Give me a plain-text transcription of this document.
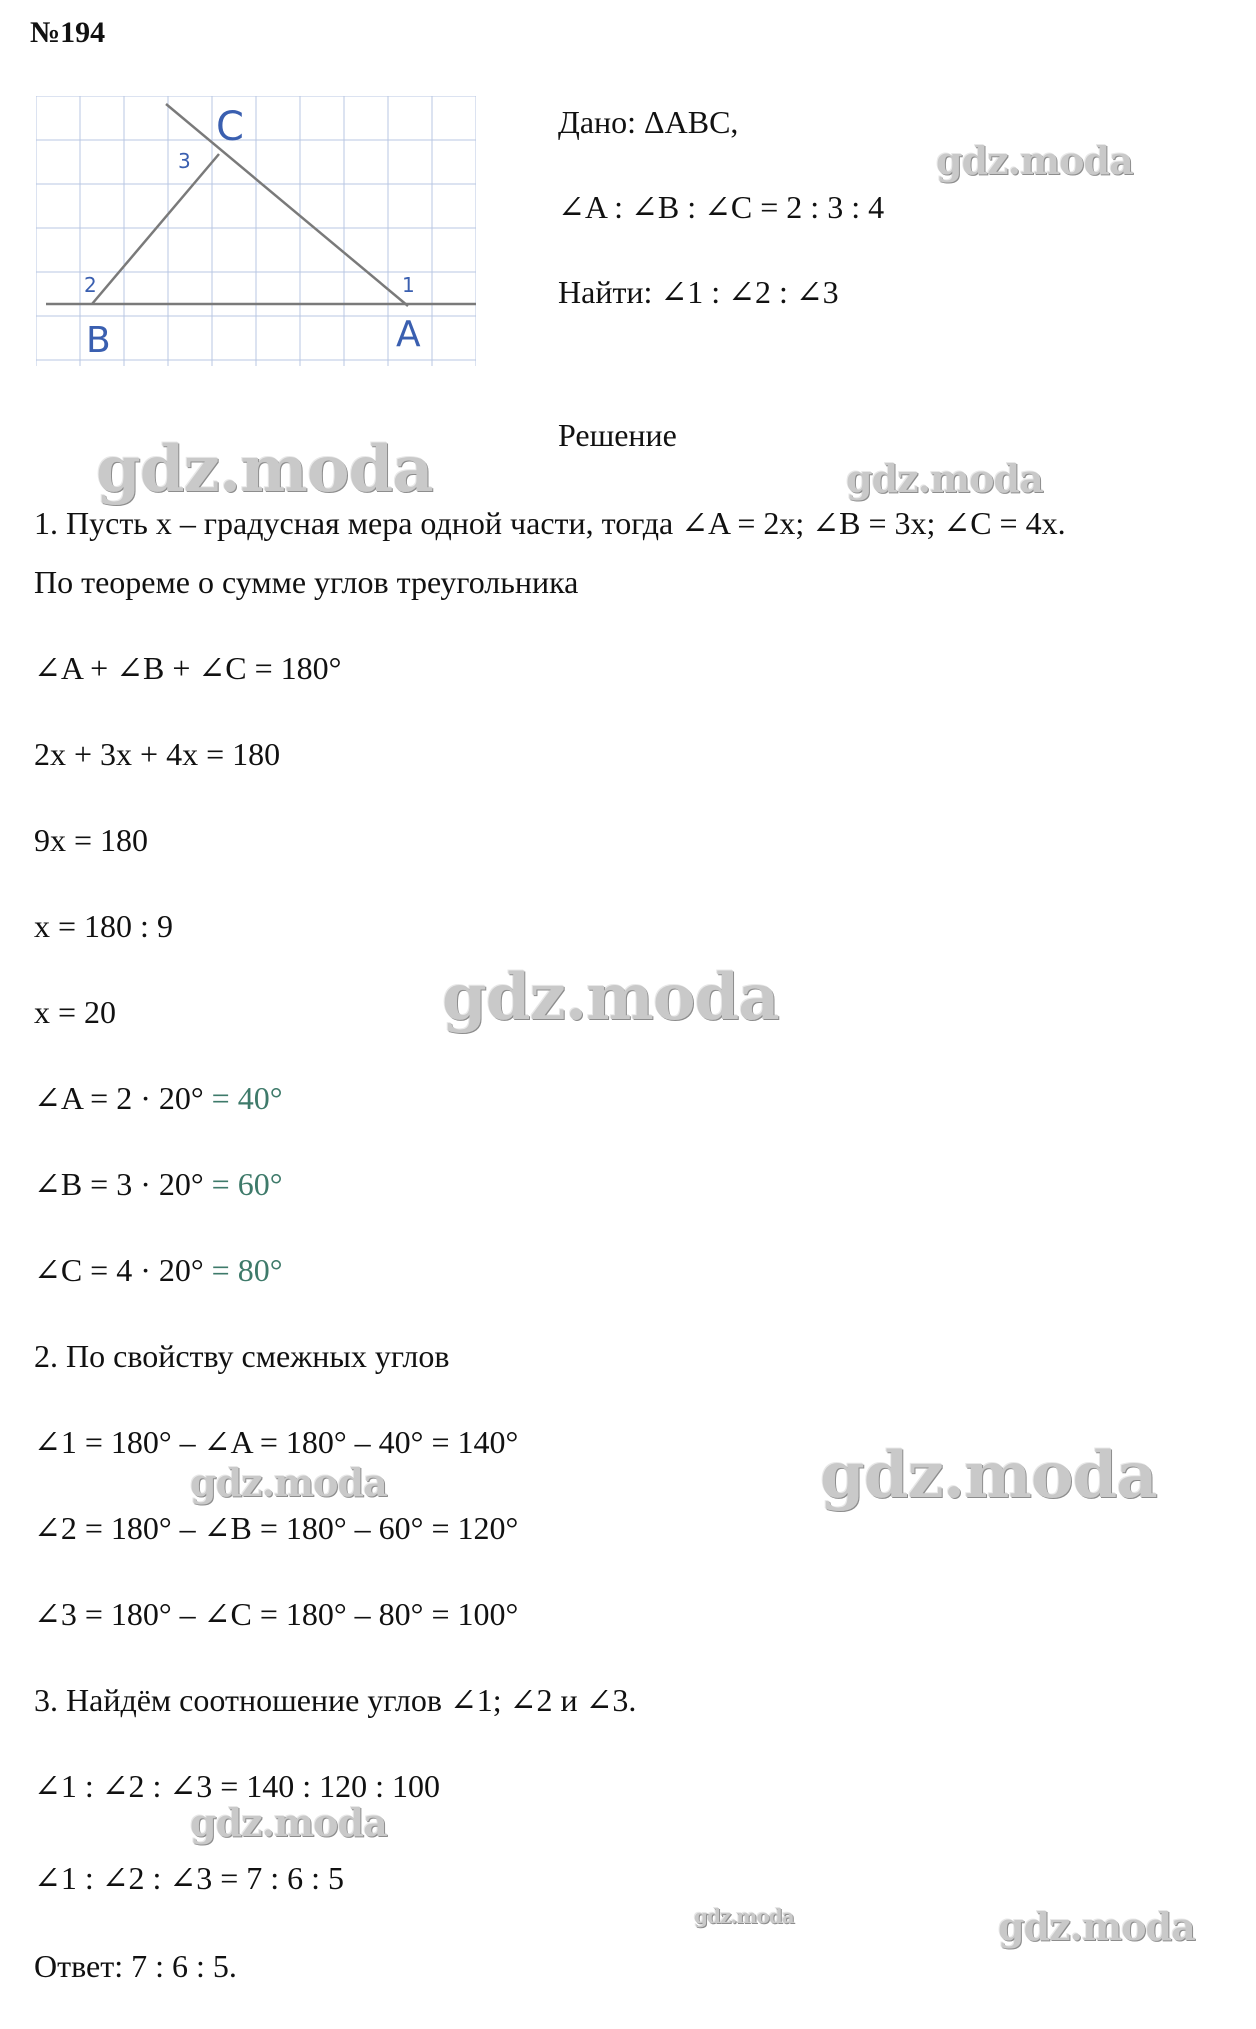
№194
C
B	A
3
2	1
Дано: ΔABC,
∠A : ∠B : ∠C = 2 : 3 : 4
Найти: ∠1 : ∠2 : ∠3
Решение
1. Пусть x – градусная мера одной части, тогда ∠A = 2x; ∠B = 3x; ∠C = 4x.
По теореме о сумме углов треугольника
∠A + ∠B + ∠C = 180°
2x + 3x + 4x = 180
9x = 180
x = 180 : 9
x = 20
∠A = 2 · 20° = 40°
∠B = 3 · 20° = 60°
∠C = 4 · 20° = 80°
2. По свойству смежных углов
∠1 = 180° – ∠A = 180° – 40° = 140°
∠2 = 180° – ∠B = 180° – 60° = 120°
∠3 = 180° – ∠C = 180° – 80° = 100°
3. Найдём соотношение углов ∠1; ∠2 и ∠3.
∠1 : ∠2 : ∠3 = 140 : 120 : 100
∠1 : ∠2 : ∠3 = 7 : 6 : 5
Ответ: 7 : 6 : 5.
gdz.moda
gdz.moda	gdz.moda
gdz.moda
gdz.moda
gdz.moda
gdz.moda
gdz.moda	gdz.moda
